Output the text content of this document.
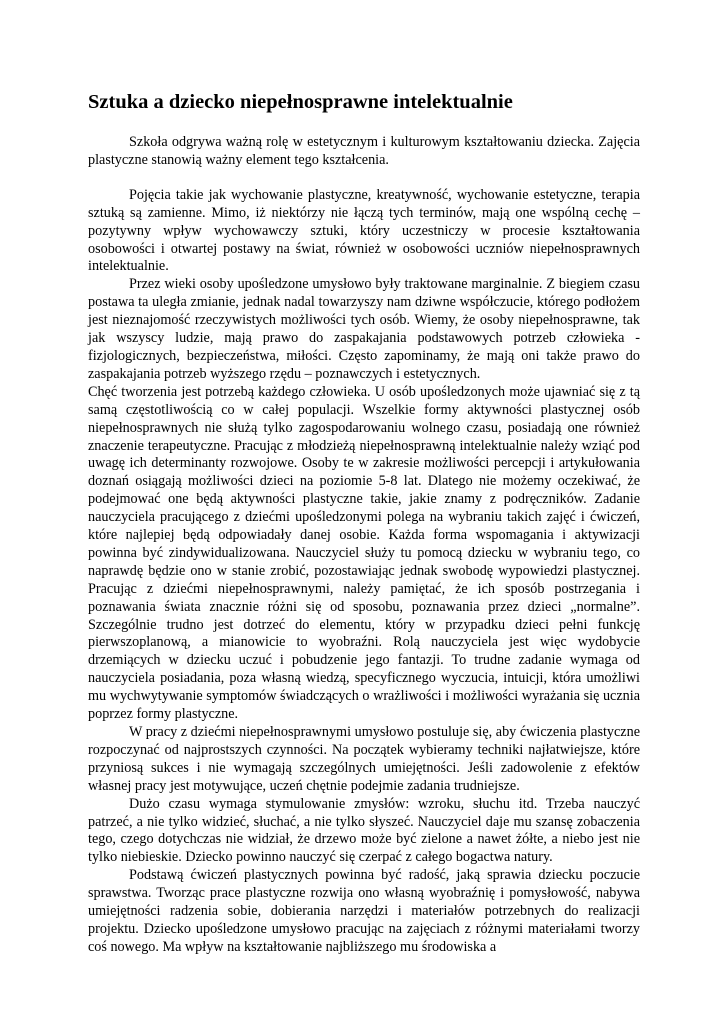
Sztuka a dziecko niepełnosprawne intelektualnie

Szkoła odgrywa ważną rolę w estetycznym i kulturowym kształtowaniu dziecka. Zajęcia plastyczne stanowią ważny element tego kształcenia.

Pojęcia takie jak wychowanie plastyczne, kreatywność, wychowanie estetyczne, terapia sztuką są zamienne. Mimo, iż niektórzy nie łączą tych terminów, mają one wspólną cechę – pozytywny wpływ wychowawczy sztuki, który uczestniczy w procesie kształtowania osobowości i otwartej postawy na świat, również w osobowości uczniów niepełnosprawnych intelektualnie.

Przez wieki osoby upośledzone umysłowo były traktowane marginalnie. Z biegiem czasu postawa ta uległa zmianie, jednak nadal towarzyszy nam dziwne współczucie, którego podłożem jest nieznajomość rzeczywistych możliwości tych osób. Wiemy, że osoby niepełnosprawne, tak jak wszyscy ludzie, mają prawo do zaspakajania podstawowych potrzeb człowieka - fizjologicznych, bezpieczeństwa, miłości. Często zapominamy, że mają oni także prawo do zaspakajania potrzeb wyższego rzędu – poznawczych i estetycznych.

Chęć tworzenia jest potrzebą każdego człowieka. U osób upośledzonych może ujawniać się z tą samą częstotliwością co w całej populacji. Wszelkie formy aktywności plastycznej osób niepełnosprawnych nie służą tylko zagospodarowaniu wolnego czasu, posiadają one również znaczenie terapeutyczne. Pracując z młodzieżą niepełnosprawną intelektualnie należy wziąć pod uwagę ich determinanty rozwojowe. Osoby te w zakresie możliwości percepcji i artykułowania doznań osiągają możliwości dzieci na poziomie 5-8 lat. Dlatego nie możemy oczekiwać, że podejmować one będą aktywności plastyczne takie, jakie znamy z podręczników. Zadanie nauczyciela pracującego z dziećmi upośledzonymi polega na wybraniu takich zajęć i ćwiczeń, które najlepiej będą odpowiadały danej osobie. Każda forma wspomagania i aktywizacji powinna być zindywidualizowana. Nauczyciel służy tu pomocą dziecku w wybraniu tego, co naprawdę będzie ono w stanie zrobić, pozostawiając jednak swobodę wypowiedzi plastycznej. Pracując z dziećmi niepełnosprawnymi, należy pamiętać, że ich sposób postrzegania i poznawania świata znacznie różni się od sposobu, poznawania przez dzieci „normalne”. Szczególnie trudno jest dotrzeć do elementu, który w przypadku dzieci pełni funkcję pierwszoplanową, a mianowicie to wyobraźni. Rolą nauczyciela jest więc wydobycie drzemiących w dziecku uczuć i pobudzenie jego fantazji. To trudne zadanie wymaga od nauczyciela posiadania, poza własną wiedzą, specyficznego wyczucia, intuicji, która umożliwi mu wychwytywanie symptomów świadczących o wrażliwości i możliwości wyrażania się ucznia poprzez formy plastyczne.

W pracy z dziećmi niepełnosprawnymi umysłowo postuluje się, aby ćwiczenia plastyczne rozpoczynać od najprostszych czynności. Na początek wybieramy techniki najłatwiejsze, które przyniosą sukces i nie wymagają szczególnych umiejętności. Jeśli zadowolenie z efektów własnej pracy jest motywujące, uczeń chętnie podejmie zadania trudniejsze.

Dużo czasu wymaga stymulowanie zmysłów: wzroku, słuchu itd. Trzeba nauczyć patrzeć, a nie tylko widzieć, słuchać, a nie tylko słyszeć. Nauczyciel daje mu szansę zobaczenia tego, czego dotychczas nie widział, że drzewo może być zielone a nawet żółte, a niebo jest nie tylko niebieskie. Dziecko powinno nauczyć się czerpać z całego bogactwa natury.

Podstawą ćwiczeń plastycznych powinna być radość, jaką sprawia dziecku poczucie sprawstwa. Tworząc prace plastyczne rozwija ono własną wyobraźnię i pomysłowość, nabywa umiejętności radzenia sobie, dobierania narzędzi i materiałów potrzebnych do realizacji projektu. Dziecko upośledzone umysłowo pracując na zajęciach z różnymi materiałami tworzy coś nowego. Ma wpływ na kształtowanie najbliższego mu środowiska a
